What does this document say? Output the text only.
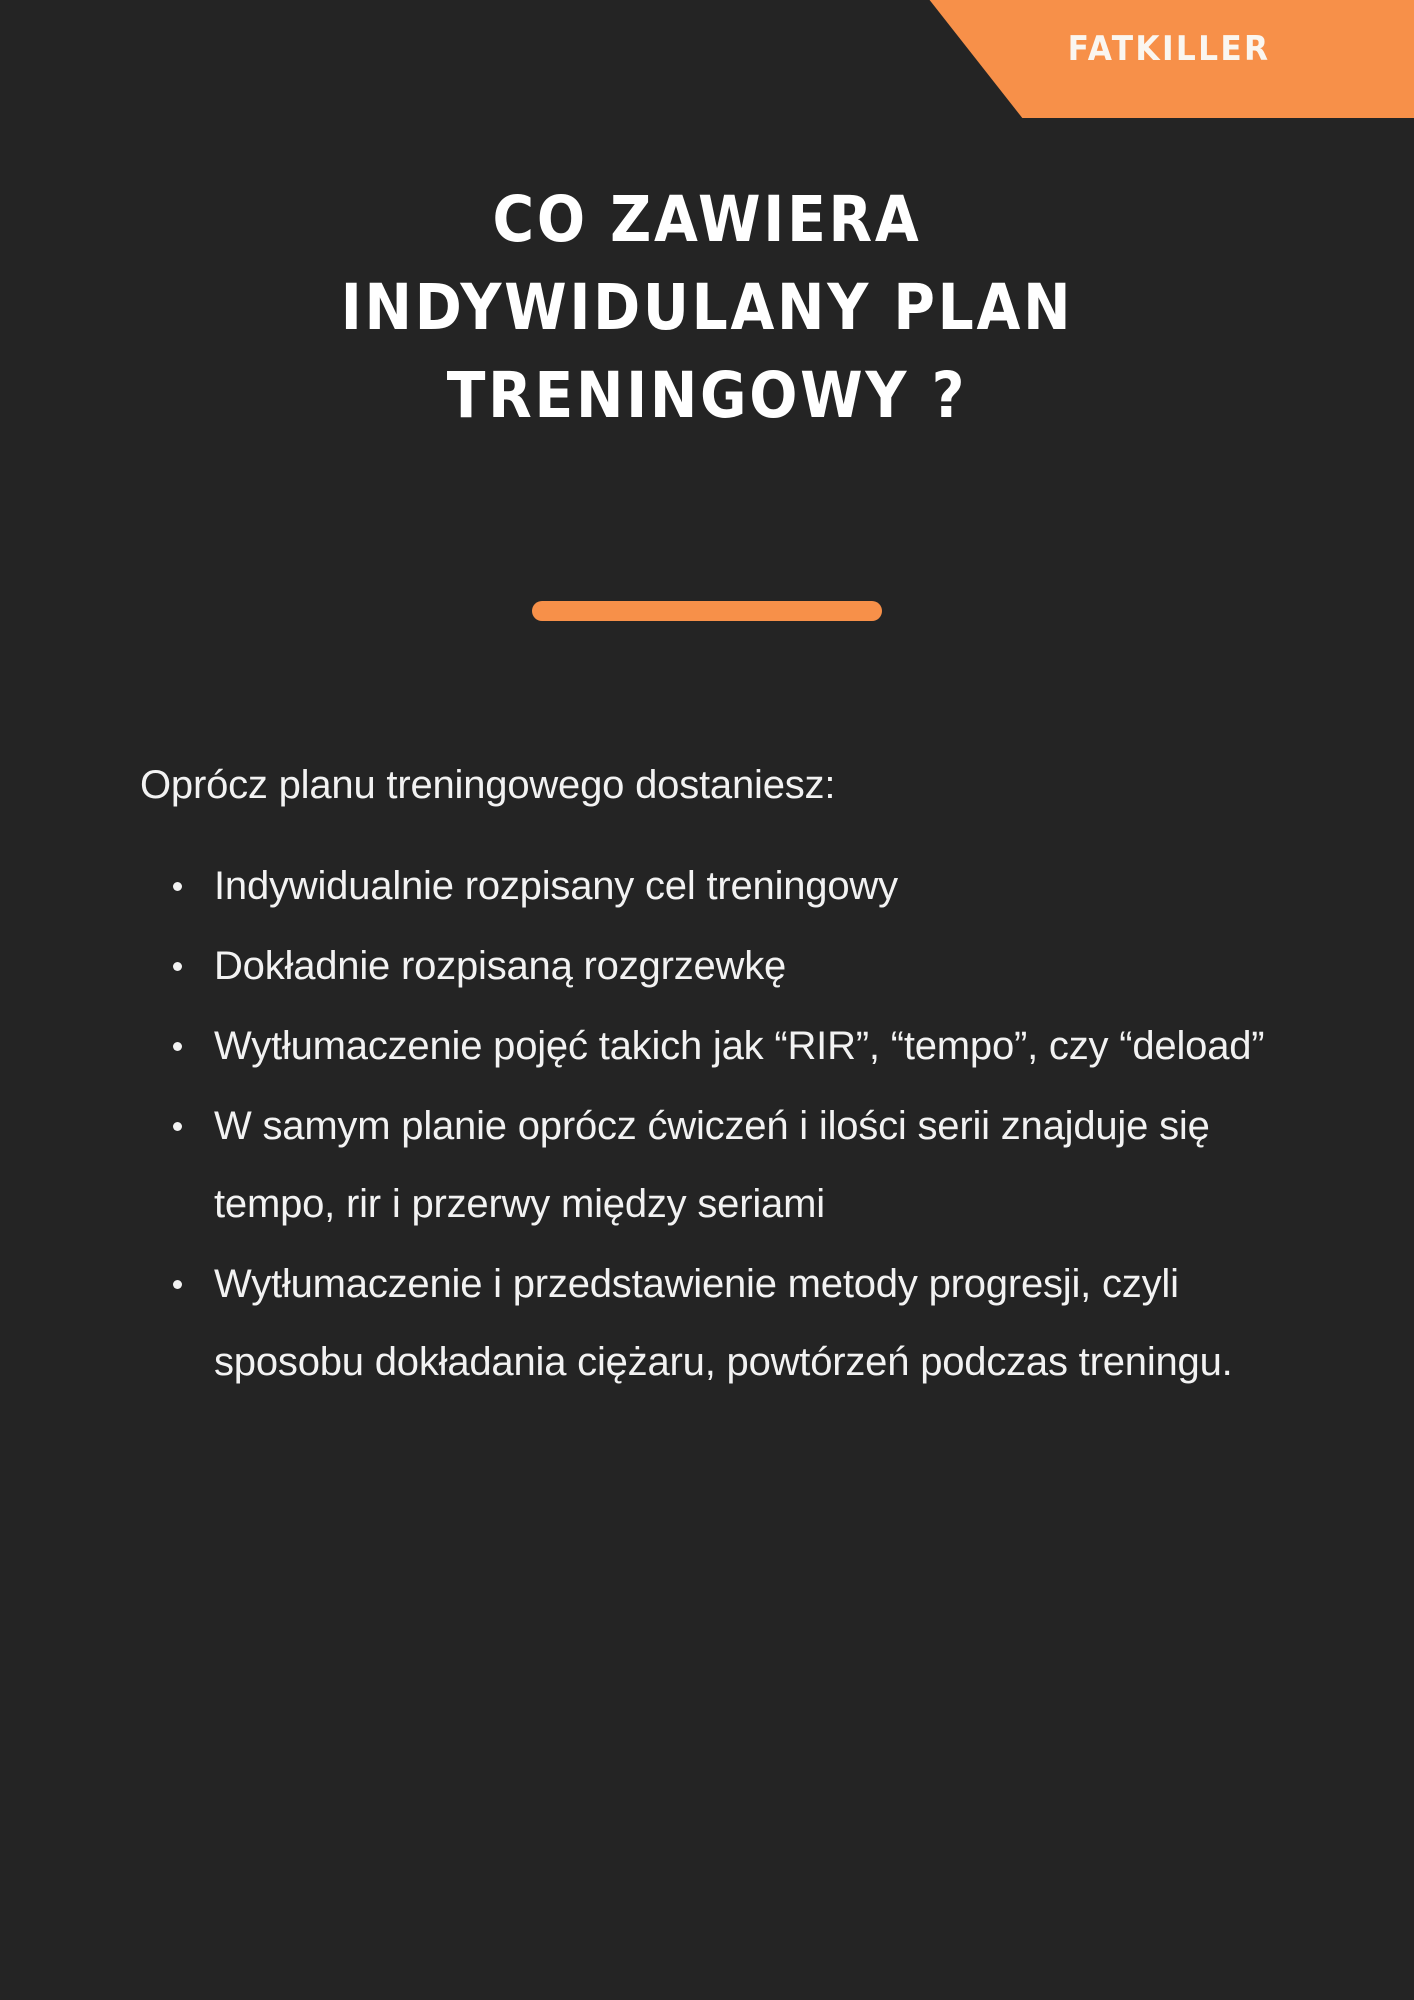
FATKILLER
CO ZAWIERA
INDYWIDULANY PLAN
TRENINGOWY ?

Oprócz planu treningowego dostaniesz:

Indywidualnie rozpisany cel treningowy
Dokładnie rozpisaną rozgrzewkę
Wytłumaczenie pojęć takich jak “RIR”, “tempo”, czy “deload”
W samym planie oprócz ćwiczeń i ilości serii znajduje się tempo, rir i przerwy między seriami
Wytłumaczenie i przedstawienie metody progresji, czyli sposobu dokładania ciężaru, powtórzeń podczas treningu.
